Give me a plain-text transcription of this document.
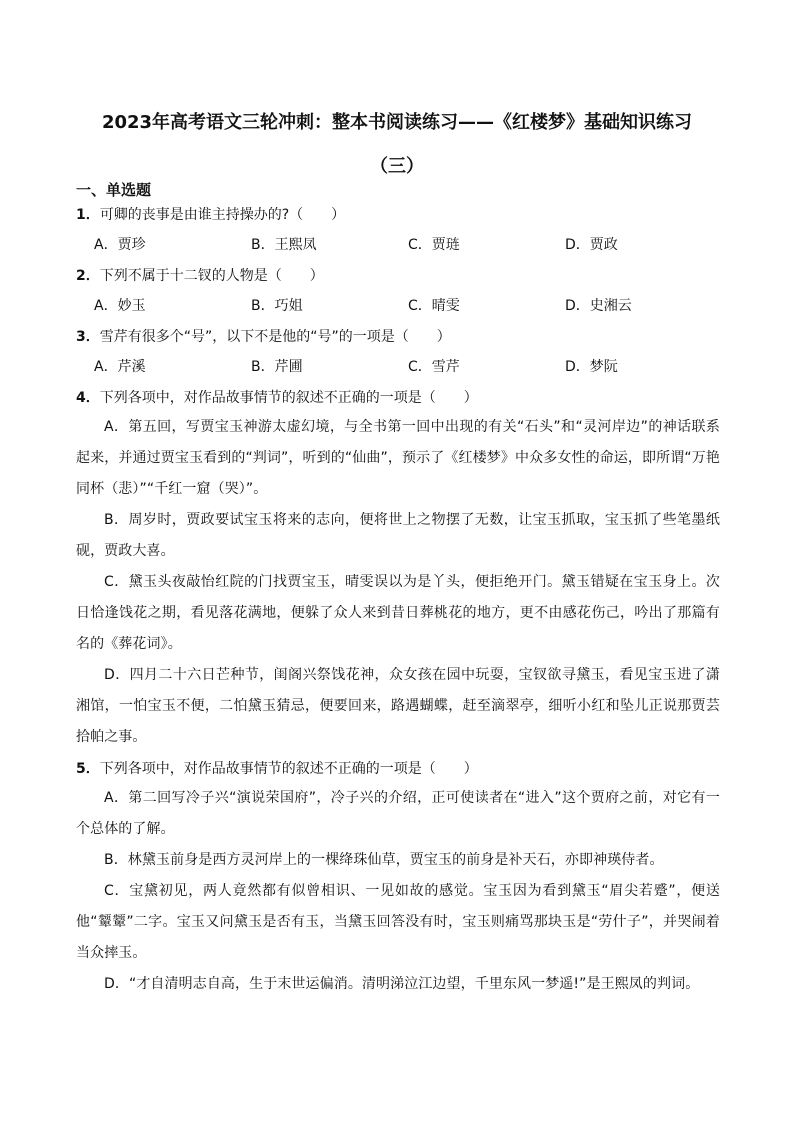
2023年高考语文三轮冲刺：整本书阅读练习——《红楼梦》基础知识练习（三）
一、单选题

1．可卿的丧事是由谁主持操办的?（　　）

A．贾珍	B．王熙凤	C．贾琏	D．贾政

2．下列不属于十二钗的人物是（　　）

A．妙玉	B．巧姐	C．晴雯	D．史湘云

3．雪芹有很多个“号”，以下不是他的“号”的一项是（　　）

A．芹溪	B．芹圃	C．雪芹	D．梦阮

4．下列各项中，对作品故事情节的叙述不正确的一项是（　　）

A．第五回，写贾宝玉神游太虚幻境，与全书第一回中出现的有关“石头”和“灵河岸边”的神话联系起来，并通过贾宝玉看到的“判词”，听到的“仙曲”，预示了《红楼梦》中众多女性的命运，即所谓“万艳同杯（悲）”“千红一窟（哭）”。

B．周岁时，贾政要试宝玉将来的志向，便将世上之物摆了无数，让宝玉抓取，宝玉抓了些笔墨纸砚，贾政大喜。

C．黛玉头夜敲怡红院的门找贾宝玉，晴雯误以为是丫头，便拒绝开门。黛玉错疑在宝玉身上。次日恰逢饯花之期，看见落花满地，便躲了众人来到昔日葬桃花的地方，更不由感花伤己，吟出了那篇有名的《葬花词》。

D．四月二十六日芒种节，闺阁兴祭饯花神，众女孩在园中玩耍，宝钗欲寻黛玉，看见宝玉进了潇湘馆，一怕宝玉不便，二怕黛玉猜忌，便要回来，路遇蝴蝶，赶至滴翠亭，细听小红和坠儿正说那贾芸拾帕之事。

5．下列各项中，对作品故事情节的叙述不正确的一项是（　　）

A．第二回写冷子兴“演说荣国府”，冷子兴的介绍，正可使读者在“进入”这个贾府之前，对它有一个总体的了解。

B．林黛玉前身是西方灵河岸上的一棵绛珠仙草，贾宝玉的前身是补天石，亦即神瑛侍者。

C．宝黛初见，两人竟然都有似曾相识、一见如故的感觉。宝玉因为看到黛玉“眉尖若蹙”，便送他“颦颦”二字。宝玉又问黛玉是否有玉，当黛玉回答没有时，宝玉则痛骂那块玉是“劳什子”，并哭闹着当众摔玉。

D．“才自清明志自高，生于末世运偏消。清明涕泣江边望，千里东风一梦遥!”是王熙凤的判词。
